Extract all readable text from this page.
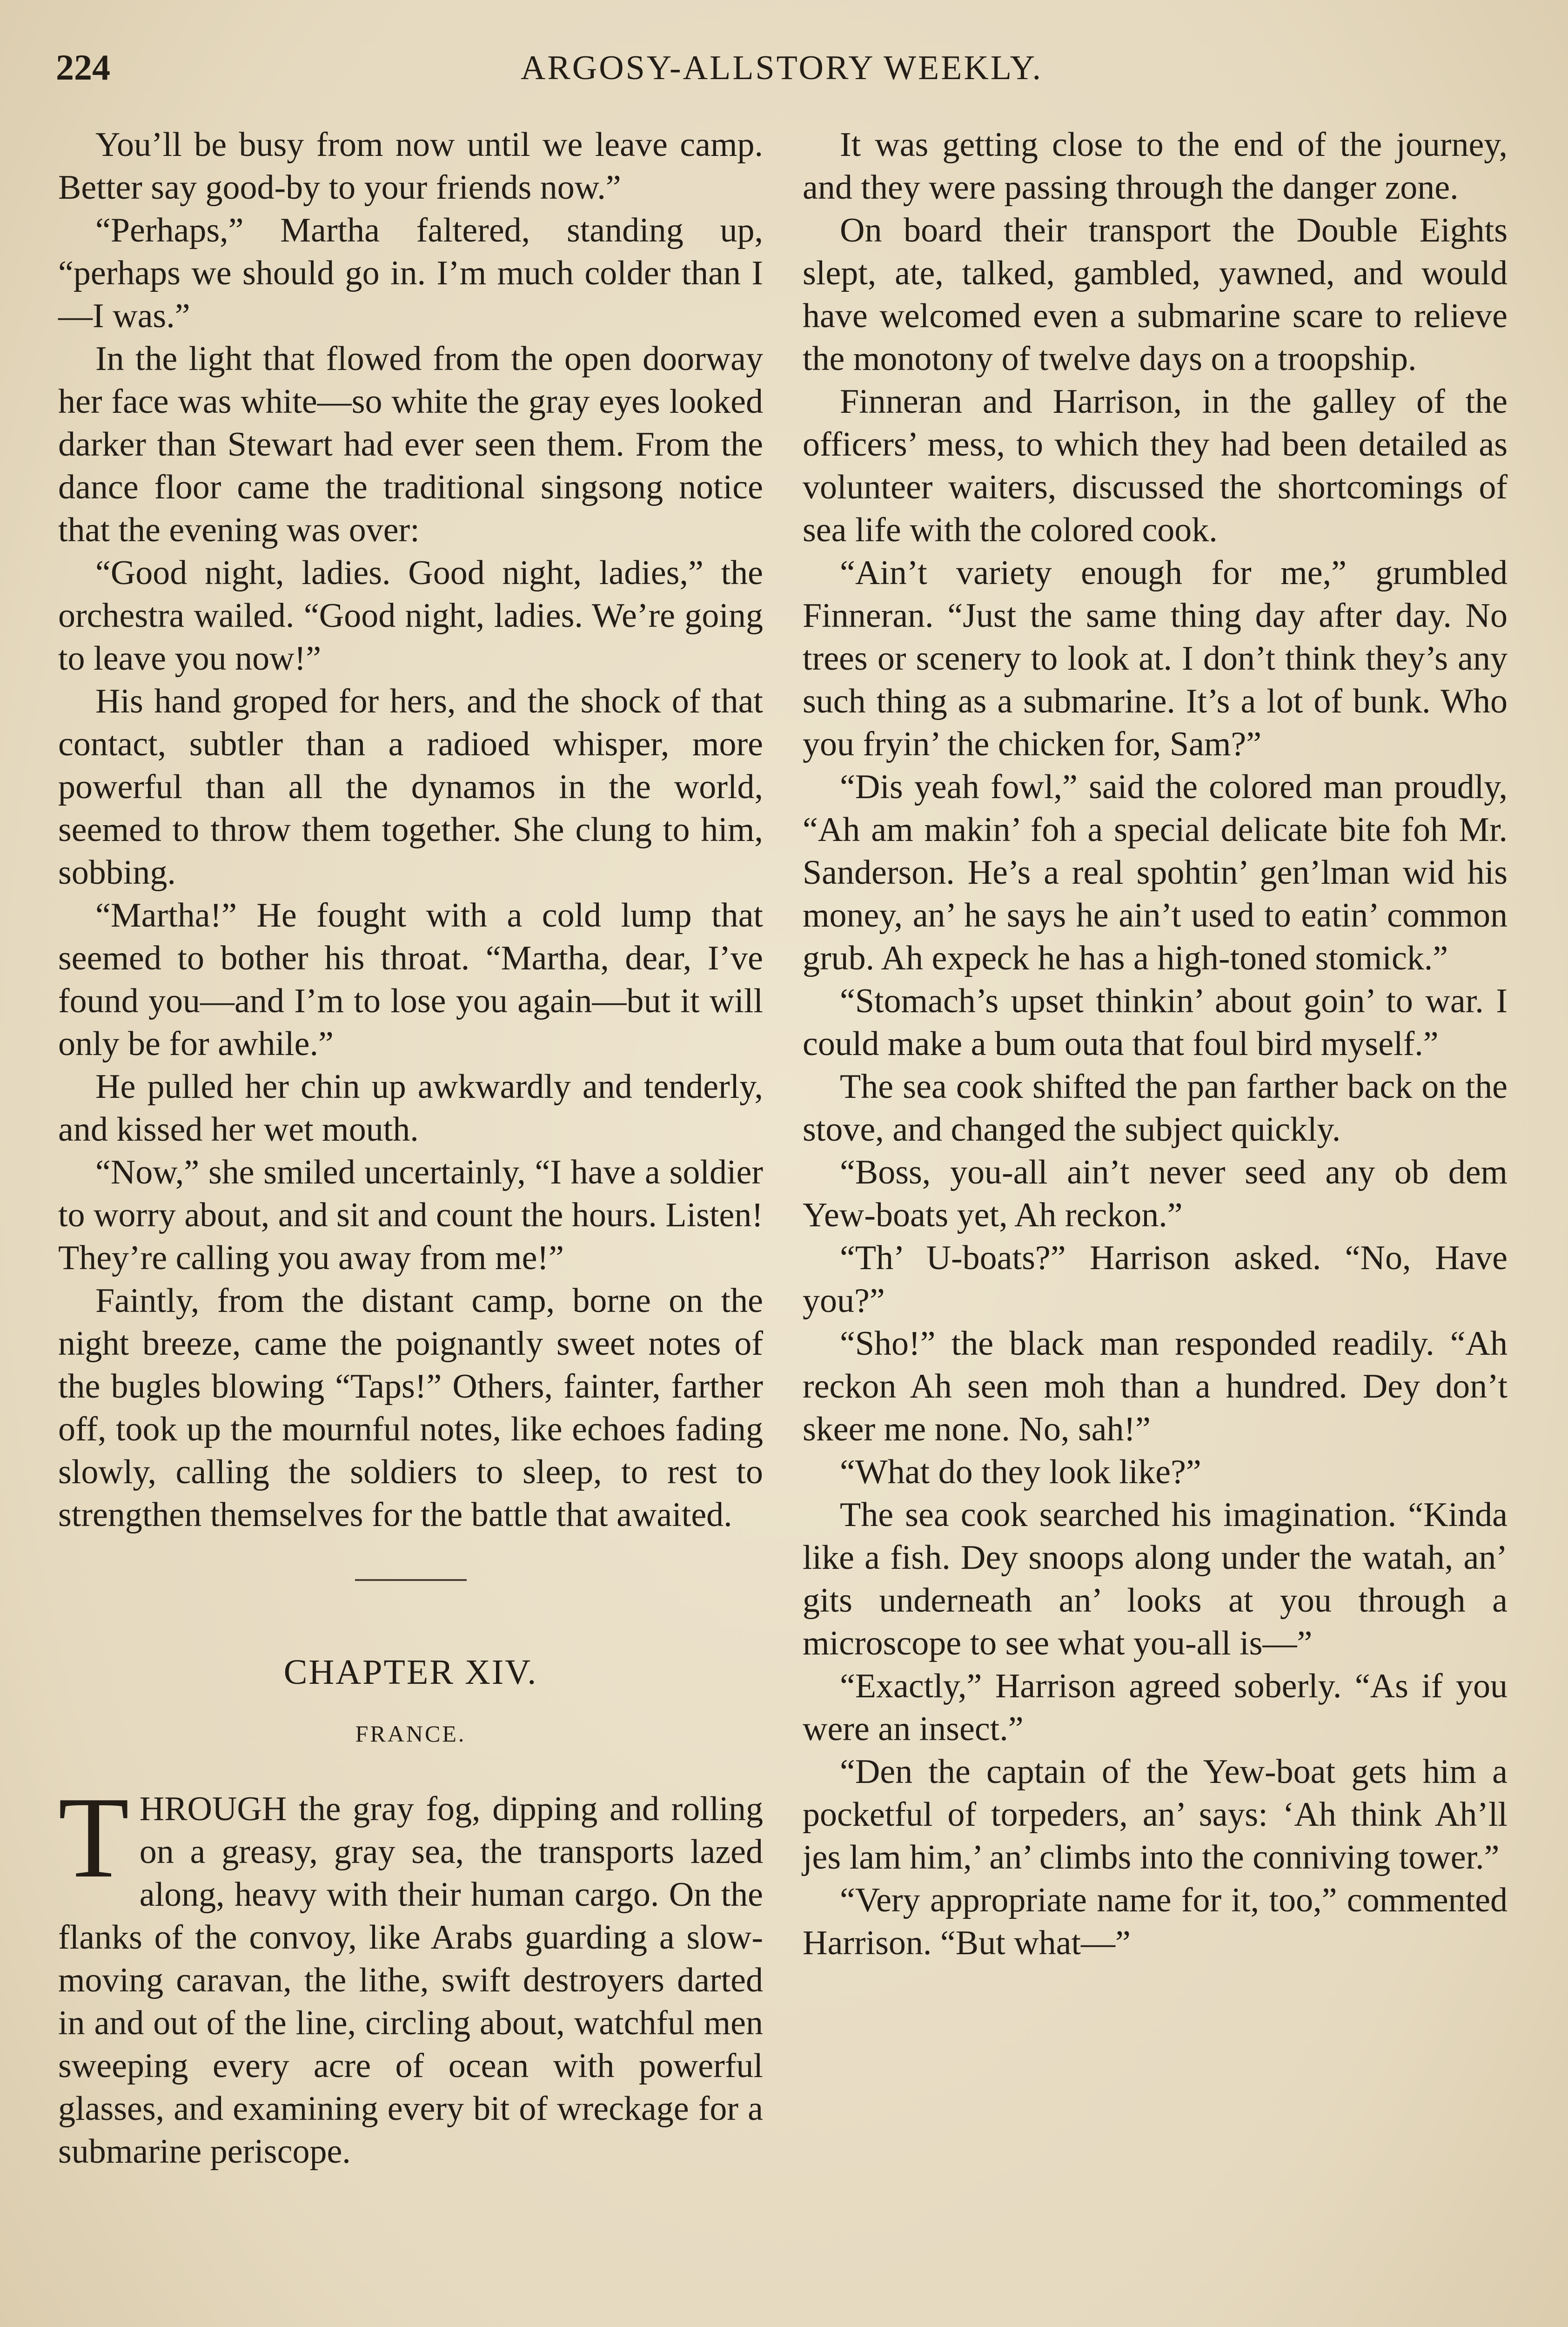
224	ARGOSY-ALLSTORY WEEKLY.

You’ll be busy from now until we leave camp. Better say good-by to your friends now.”

“Perhaps,” Martha faltered, standing up, “perhaps we should go in. I’m much colder than I—I was.”

In the light that flowed from the open doorway her face was white—so white the gray eyes looked darker than Stewart had ever seen them. From the dance floor came the traditional singsong notice that the evening was over:

“Good night, ladies. Good night, ladies,” the orchestra wailed. “Good night, ladies. We’re going to leave you now!”

His hand groped for hers, and the shock of that contact, subtler than a radioed whisper, more powerful than all the dynamos in the world, seemed to throw them together. She clung to him, sobbing.

“Martha!” He fought with a cold lump that seemed to bother his throat. “Martha, dear, I’ve found you—and I’m to lose you again—but it will only be for awhile.”

He pulled her chin up awkwardly and tenderly, and kissed her wet mouth.

“Now,” she smiled uncertainly, “I have a soldier to worry about, and sit and count the hours. Listen! They’re calling you away from me!”

Faintly, from the distant camp, borne on the night breeze, came the poignantly sweet notes of the bugles blowing “Taps!” Others, fainter, farther off, took up the mournful notes, like echoes fading slowly, calling the soldiers to sleep, to rest to strengthen themselves for the battle that awaited.

CHAPTER XIV.
FRANCE.

THROUGH the gray fog, dipping and rolling on a greasy, gray sea, the transports lazed along, heavy with their human cargo. On the flanks of the convoy, like Arabs guarding a slow-moving caravan, the lithe, swift destroyers darted in and out of the line, circling about, watchful men sweeping every acre of ocean with powerful glasses, and examining every bit of wreckage for a submarine periscope.

It was getting close to the end of the journey, and they were passing through the danger zone.

On board their transport the Double Eights slept, ate, talked, gambled, yawned, and would have welcomed even a submarine scare to relieve the monotony of twelve days on a troopship.

Finneran and Harrison, in the galley of the officers’ mess, to which they had been detailed as volunteer waiters, discussed the shortcomings of sea life with the colored cook.

“Ain’t variety enough for me,” grumbled Finneran. “Just the same thing day after day. No trees or scenery to look at. I don’t think they’s any such thing as a submarine. It’s a lot of bunk. Who you fryin’ the chicken for, Sam?”

“Dis yeah fowl,” said the colored man proudly, “Ah am makin’ foh a special delicate bite foh Mr. Sanderson. He’s a real spohtin’ gen’lman wid his money, an’ he says he ain’t used to eatin’ common grub. Ah expeck he has a high-toned stomick.”

“Stomach’s upset thinkin’ about goin’ to war. I could make a bum outa that foul bird myself.”

The sea cook shifted the pan farther back on the stove, and changed the subject quickly.

“Boss, you-all ain’t never seed any ob dem Yew-boats yet, Ah reckon.”

“Th’ U-boats?” Harrison asked. “No, Have you?”

“Sho!” the black man responded readily. “Ah reckon Ah seen moh than a hundred. Dey don’t skeer me none. No, sah!”

“What do they look like?”

The sea cook searched his imagination. “Kinda like a fish. Dey snoops along under the watah, an’ gits underneath an’ looks at you through a microscope to see what you-all is—”

“Exactly,” Harrison agreed soberly. “As if you were an insect.”

“Den the captain of the Yew-boat gets him a pocketful of torpeders, an’ says: ‘Ah think Ah’ll jes lam him,’ an’ climbs into the conniving tower.”

“Very appropriate name for it, too,” commented Harrison. “But what—”
